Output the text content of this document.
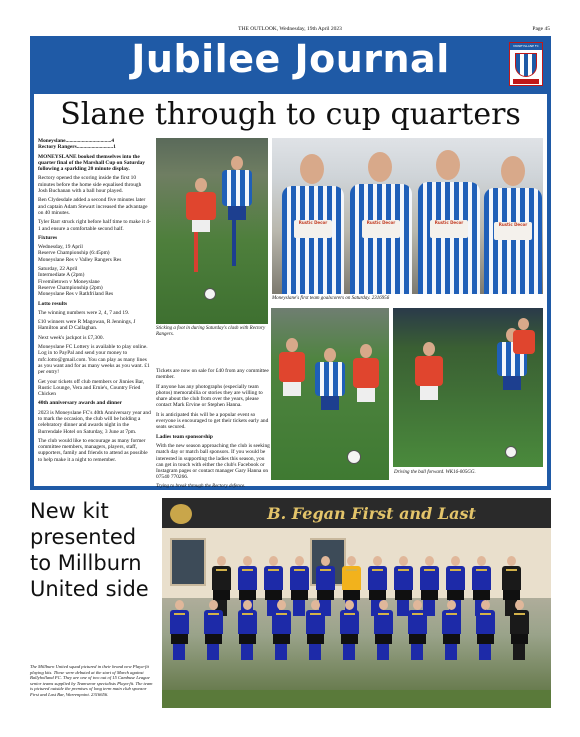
THE OUTLOOK, Wednesday, 19th April 2023	Page 45
Jubilee Journal	MONEYSLANE FC
Slane through to cup quarters

Moneyslane..................................4
Rectory Rangers...........................1

MONEYSLANE booked themselves into the quarter final of the Marshall Cup on Saturday following a sparkling 20 minute display.

Rectory opened the scoring inside the first 10 minutes before the home side equalised through Josh Buchanan with a ball hour played.

Ben Clydesdale added a second five minutes later and captain Adam Stewart increased the advantage on 40 minutes.

Tyler Barr struck right before half time to make it 4-1 and ensure a comfortable second half.

Fixtures

Wednesday, 19 April
Reserve Championship (6:45pm)
Moneyslane Res v Valley Rangers Res

Saturday, 22 April
Intermediate A (2pm)
Fivemiletown v Moneyslane
Reserve Championship (2pm)
Moneyslane Res v Rathfriland Res

Lotto results

The winning numbers were 2, 4, 7 and 19.

£10 winners were R Magowan, R Jennings, J Hamilton and D Callaghan.

Next week's jackpot is £7,300.

Moneyslane FC Lottery is available to play online. Log in to PayPal and send your money to mfc.lotto@gmail.com. You can play as many lines as you want and for as many weeks as you want. £1 per entry!

Get your tickets off club members or Jinnies Bar, Rustic Lounge, Vera and Ernie's, Country Fried Chicken

40th anniversary awards and dinner

2023 is Moneyslane FC's 40th Anniversary year and to mark the occasion, the club will be holding a celebratory dinner and awards night in the Burrendale Hotel on Saturday, 3 June at 7pm.

The club would like to encourage as many former committee members, managers, players, staff, supporters, family and friends to attend as possible to help make it a night to remember.

Sticking a foot in during Saturday's clash with Rectory Rangers.
Rustic Decor	Rustic Decor	Rustic Decor	Rustic Decor
Moneyslane's first team goalscorers on Saturday. 2316956

Tickets are now on sale for £40 from any committee member.

If anyone has any photographs (especially team photos) memorabilia or stories they are willing to share about the club from over the years, please contact Mark Ervine or Stephen Hanna.

It is anticipated this will be a popular event so everyone is encouraged to get their tickets early and seats secured.

Ladies team sponsorship

With the new season approaching the club is seeking match day or match ball sponsors. If you would be interested in supporting the ladies this season, you can get in touch with either the club's Facebook or Instagram pages or contact manager Gary Hanna on 07540 770266.

Trying to break through the Rectory defence.

Driving the ball forward. WK16-005GG.
New kit presented to Millburn United side
The Millburn United squad pictured in their brand new Playa-fit playing kits. These were debuted at the start of March against Ballyholland FC. They are one of two out of 15 Cambuse League senior teams supplied by Teamwear specialists Playa-fit. The team is pictured outside the premises of long term main club sponsor First and Last Bar, Warrenpoint. 2316656.
B. Fegan First and Last
